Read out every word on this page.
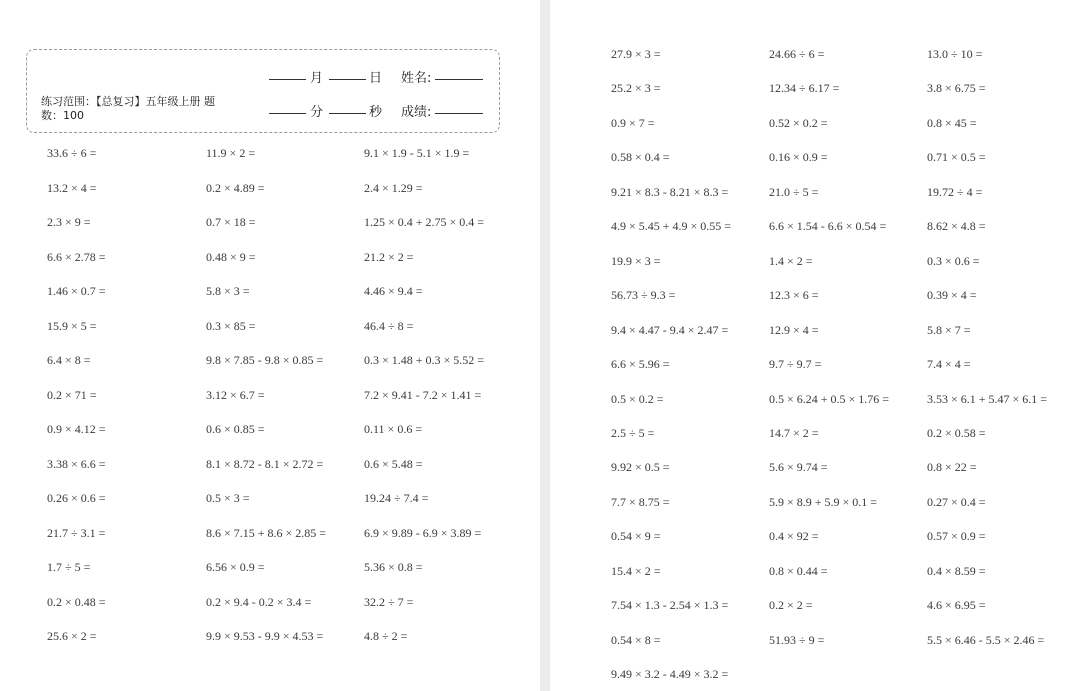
月	日 姓名:
分	秒 成绩:
练习范围：【总复习】五年级上册 题数：100
33.6 ÷ 6 =
13.2 × 4 =
2.3 × 9 =
6.6 × 2.78 =
1.46 × 0.7 =
15.9 × 5 =
6.4 × 8 =
0.2 × 71 =
0.9 × 4.12 =
3.38 × 6.6 =
0.26 × 0.6 =
21.7 ÷ 3.1 =
1.7 ÷ 5 =
0.2 × 0.48 =
25.6 × 2 =
11.9 × 2 =
0.2 × 4.89 =
0.7 × 18 =
0.48 × 9 =
5.8 × 3 =
0.3 × 85 =
9.8 × 7.85 - 9.8 × 0.85 =
3.12 × 6.7 =
0.6 × 0.85 =
8.1 × 8.72 - 8.1 × 2.72 =
0.5 × 3 =
8.6 × 7.15 + 8.6 × 2.85 =
6.56 × 0.9 =
0.2 × 9.4 - 0.2 × 3.4 =
9.9 × 9.53 - 9.9 × 4.53 =
9.1 × 1.9 - 5.1 × 1.9 =
2.4 × 1.29 =
1.25 × 0.4 + 2.75 × 0.4 =
21.2 × 2 =
4.46 × 9.4 =
46.4 ÷ 8 =
0.3 × 1.48 + 0.3 × 5.52 =
7.2 × 9.41 - 7.2 × 1.41 =
0.11 × 0.6 =
0.6 × 5.48 =
19.24 ÷ 7.4 =
6.9 × 9.89 - 6.9 × 3.89 =
5.36 × 0.8 =
32.2 ÷ 7 =
4.8 ÷ 2 =
27.9 × 3 =
25.2 × 3 =
0.9 × 7 =
0.58 × 0.4 =
9.21 × 8.3 - 8.21 × 8.3 =
4.9 × 5.45 + 4.9 × 0.55 =
19.9 × 3 =
56.73 ÷ 9.3 =
9.4 × 4.47 - 9.4 × 2.47 =
6.6 × 5.96 =
0.5 × 0.2 =
2.5 ÷ 5 =
9.92 × 0.5 =
7.7 × 8.75 =
0.54 × 9 =
15.4 × 2 =
7.54 × 1.3 - 2.54 × 1.3 =
0.54 × 8 =
9.49 × 3.2 - 4.49 × 3.2 =
24.66 ÷ 6 =
12.34 ÷ 6.17 =
0.52 × 0.2 =
0.16 × 0.9 =
21.0 ÷ 5 =
6.6 × 1.54 - 6.6 × 0.54 =
1.4 × 2 =
12.3 × 6 =
12.9 × 4 =
9.7 ÷ 9.7 =
0.5 × 6.24 + 0.5 × 1.76 =
14.7 × 2 =
5.6 × 9.74 =
5.9 × 8.9 + 5.9 × 0.1 =
0.4 × 92 =
0.8 × 0.44 =
0.2 × 2 =
51.93 ÷ 9 =
13.0 ÷ 10 =
3.8 × 6.75 =
0.8 × 45 =
0.71 × 0.5 =
19.72 ÷ 4 =
8.62 × 4.8 =
0.3 × 0.6 =
0.39 × 4 =
5.8 × 7 =
7.4 × 4 =
3.53 × 6.1 + 5.47 × 6.1 =
0.2 × 0.58 =
0.8 × 22 =
0.27 × 0.4 =
0.57 × 0.9 =
0.4 × 8.59 =
4.6 × 6.95 =
5.5 × 6.46 - 5.5 × 2.46 =
